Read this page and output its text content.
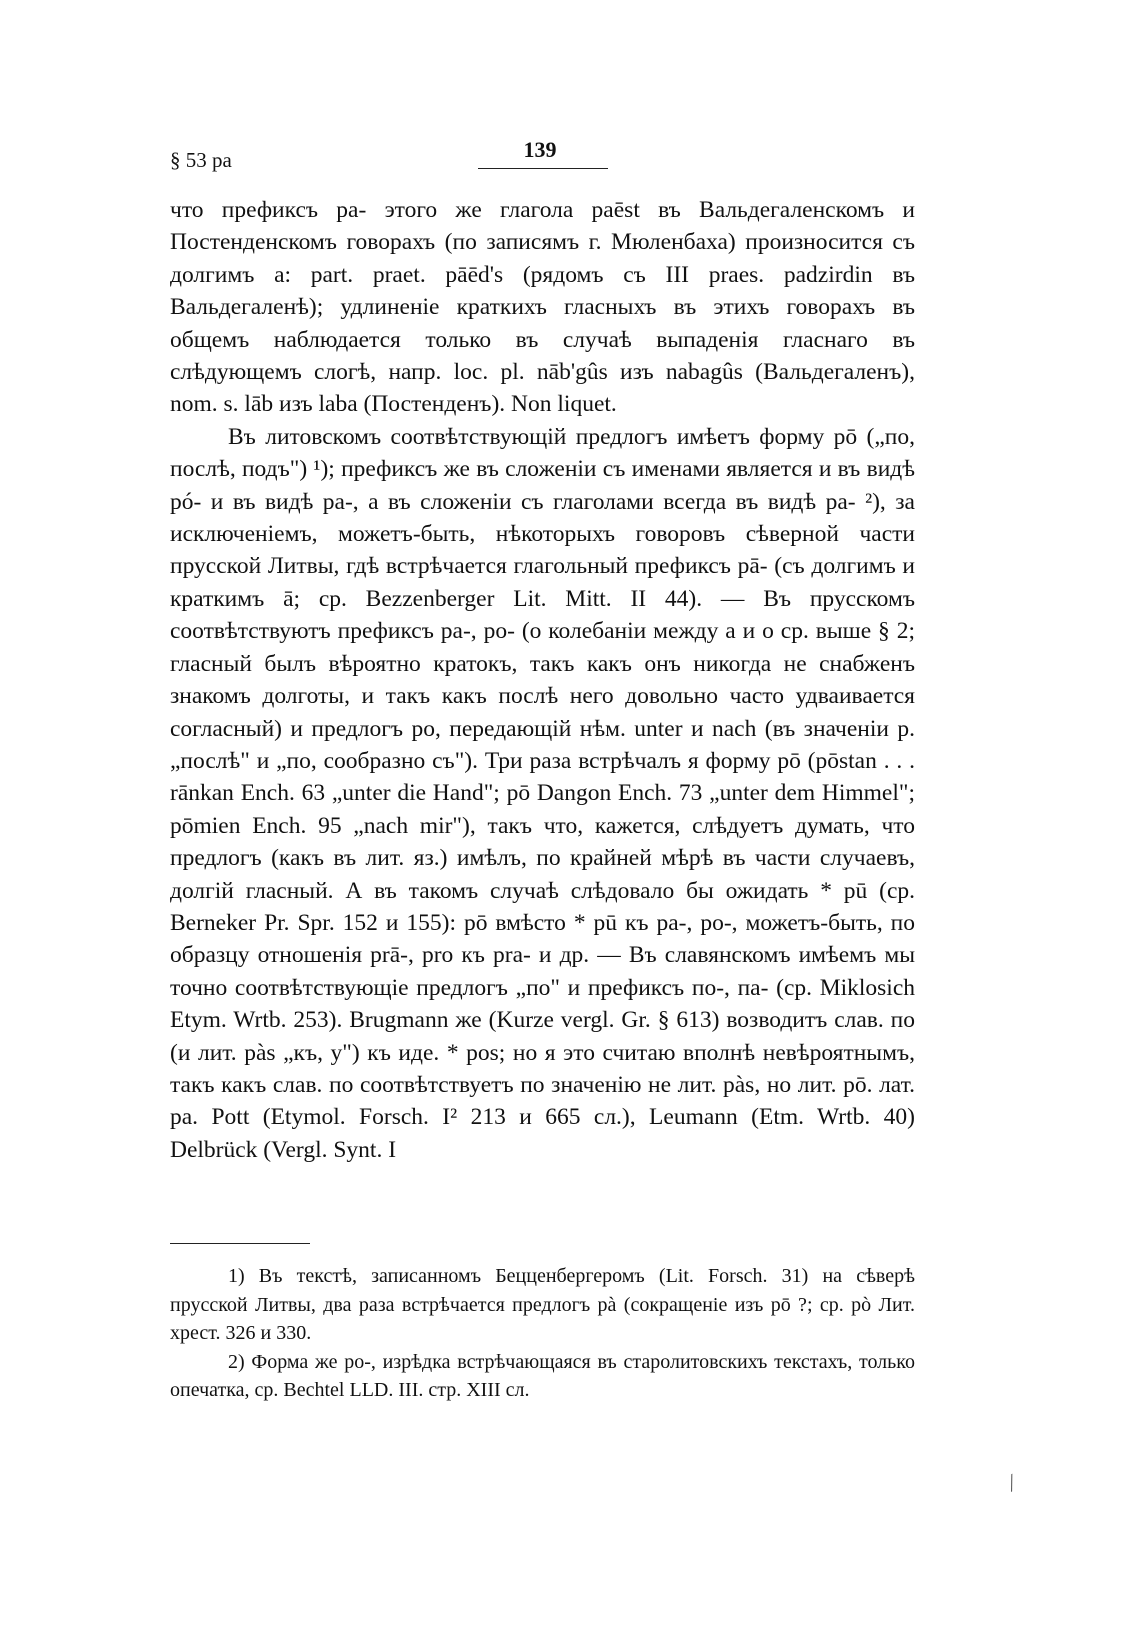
§ 53 pa	139

что префиксъ pa- этого же глагола paēst въ Вальдегаленскомъ и Постенденскомъ говорахъ (по записямъ г. Мюленбаха) произносится съ долгимъ a: part. praet. pāēd's (рядомъ съ III praes. padzirdin въ Вальдегаленѣ); удлиненіе краткихъ гласныхъ въ этихъ говорахъ въ общемъ наблюдается только въ случаѣ выпаденія гласнаго въ слѣдующемъ слогѣ, напр. loc. pl. nāb'gûs изъ nabagûs (Вальдегаленъ), nom. s. lāb изъ laba (Постенденъ). Non liquet.

Въ литовскомъ соотвѣтствующій предлогъ имѣетъ форму pō („по, послѣ, подъ") ¹); префиксъ же въ сложеніи съ именами является и въ видѣ pó- и въ видѣ pa-, а въ сложеніи съ глаголами всегда въ видѣ pa- ²), за исключеніемъ, можетъ-быть, нѣкоторыхъ говоровъ сѣверной части прусской Литвы, гдѣ встрѣчается глагольный префиксъ pā- (съ долгимъ и краткимъ ā; cp. Bezzenberger Lit. Mitt. II 44). — Въ прусскомъ соотвѣтствуютъ префиксъ pa-, po- (о колебаніи между a и o cp. выше § 2; гласный былъ вѣроятно кратокъ, такъ какъ онъ никогда не снабженъ знакомъ долготы, и такъ какъ послѣ него довольно часто удваивается согласный) и предлогъ po, передающій нѣм. unter и nach (въ значеніи р. „послѣ" и „по, сообразно съ"). Три раза встрѣчалъ я форму pō (pōstan . . . rānkan Ench. 63 „unter die Hand"; pō Dangon Ench. 73 „unter dem Himmel"; pōmien Ench. 95 „nach mir"), такъ что, кажется, слѣдуетъ думать, что предлогъ (какъ въ лит. яз.) имѣлъ, по крайней мѣрѣ въ части случаевъ, долгій гласный. А въ такомъ случаѣ слѣдовало бы ожидать * pū (cp. Berneker Pr. Spr. 152 и 155): pō вмѣсто * pū къ pa-, po-, можетъ-быть, по образцу отношенія prā-, pro къ pra- и др. — Въ славянскомъ имѣемъ мы точно соотвѣтствующіе предлогъ „по" и префиксъ по-, па- (cp. Miklosich Etym. Wrtb. 253). Brugmann же (Kurze vergl. Gr. § 613) возводитъ слав. по (и лит. pàs „къ, у") къ иде. * pos; но я это считаю вполнѣ невѣроятнымъ, такъ какъ слав. по соотвѣтствуетъ по значенію не лит. pàs, но лит. pō. лат. pa. Pott (Etymol. Forsch. I² 213 и 665 сл.), Leumann (Etm. Wrtb. 40) Delbrück (Vergl. Synt. I

1) Въ текстѣ, записанномъ Бецценбергеромъ (Lit. Forsch. 31) на сѣверѣ прусской Литвы, два раза встрѣчается предлогъ pà (сокращеніе изъ pō ?; cp. pò Лит. хрест. 326 и 330.

2) Форма же po-, изрѣдка встрѣчающаяся въ старолитовскихъ текстахъ, только опечатка, cp. Bechtel LLD. III. стр. XIII сл.

⁄
